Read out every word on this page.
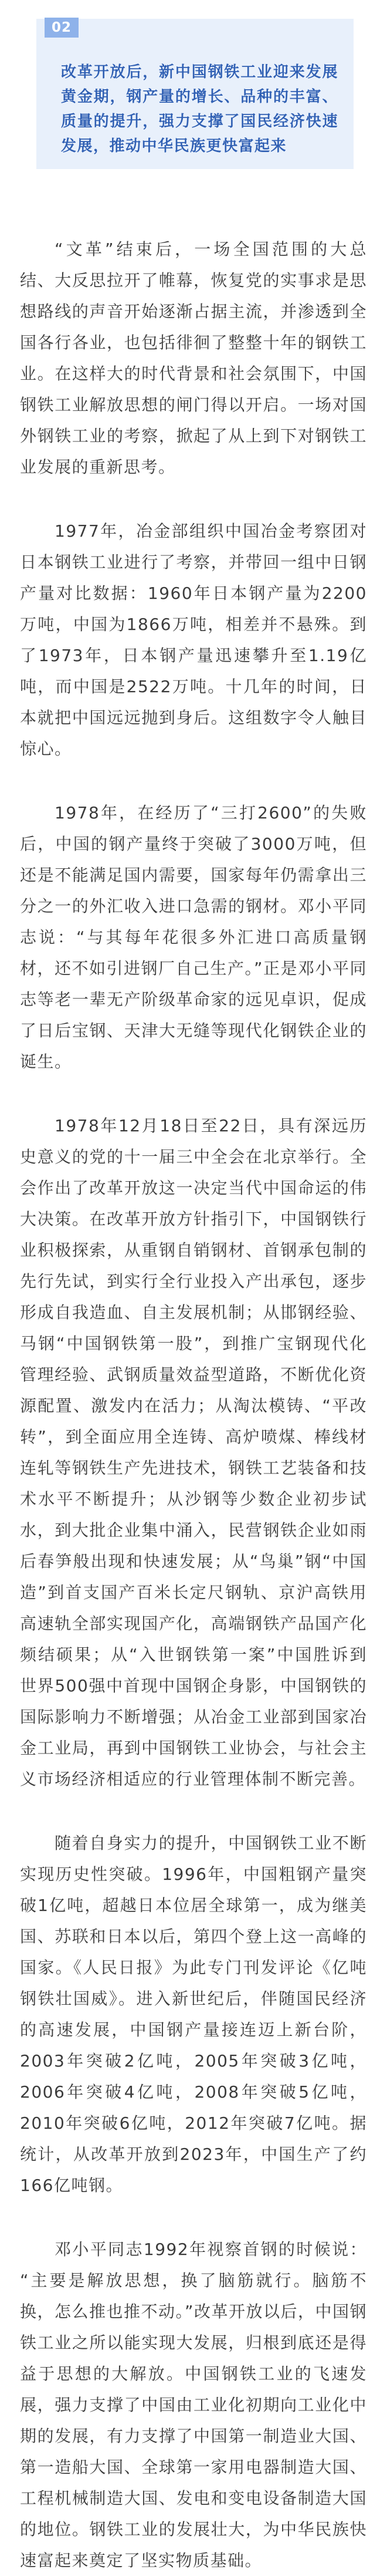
02

改革开放后，新中国钢铁工业迎来发展黄金期，钢产量的增长、品种的丰富、质量的提升，强力支撑了国民经济快速发展，推动中华民族更快富起来

“文革”结束后，一场全国范围的大总结、大反思拉开了帷幕，恢复党的实事求是思想路线的声音开始逐渐占据主流，并渗透到全国各行各业，也包括徘徊了整整十年的钢铁工业。在这样大的时代背景和社会氛围下，中国钢铁工业解放思想的闸门得以开启。一场对国外钢铁工业的考察，掀起了从上到下对钢铁工业发展的重新思考。

1977年，冶金部组织中国冶金考察团对日本钢铁工业进行了考察，并带回一组中日钢产量对比数据：1960年日本钢产量为2200万吨，中国为1866万吨，相差并不悬殊。到了1973年，日本钢产量迅速攀升至1.19亿吨，而中国是2522万吨。十几年的时间，日本就把中国远远抛到身后。这组数字令人触目惊心。

1978年，在经历了“三打2600”的失败后，中国的钢产量终于突破了3000万吨，但还是不能满足国内需要，国家每年仍需拿出三分之一的外汇收入进口急需的钢材。邓小平同志说：“与其每年花很多外汇进口高质量钢材，还不如引进钢厂自己生产。”正是邓小平同志等老一辈无产阶级革命家的远见卓识，促成了日后宝钢、天津大无缝等现代化钢铁企业的诞生。

1978年12月18日至22日，具有深远历史意义的党的十一届三中全会在北京举行。全会作出了改革开放这一决定当代中国命运的伟大决策。在改革开放方针指引下，中国钢铁行业积极探索，从重钢自销钢材、首钢承包制的先行先试，到实行全行业投入产出承包，逐步形成自我造血、自主发展机制；从邯钢经验、马钢“中国钢铁第一股”，到推广宝钢现代化管理经验、武钢质量效益型道路，不断优化资源配置、激发内在活力；从淘汰模铸、“平改转”，到全面应用全连铸、高炉喷煤、棒线材连轧等钢铁生产先进技术，钢铁工艺装备和技术水平不断提升；从沙钢等少数企业初步试水，到大批企业集中涌入，民营钢铁企业如雨后春笋般出现和快速发展；从“鸟巢”钢“中国造”到首支国产百米长定尺钢轨、京沪高铁用高速轨全部实现国产化，高端钢铁产品国产化频结硕果；从“入世钢铁第一案”中国胜诉到世界500强中首现中国钢企身影，中国钢铁的国际影响力不断增强；从冶金工业部到国家冶金工业局，再到中国钢铁工业协会，与社会主义市场经济相适应的行业管理体制不断完善。

随着自身实力的提升，中国钢铁工业不断实现历史性突破。1996年，中国粗钢产量突破1亿吨，超越日本位居全球第一，成为继美国、苏联和日本以后，第四个登上这一高峰的国家。《人民日报》为此专门刊发评论《亿吨钢铁壮国威》。进入新世纪后，伴随国民经济的高速发展，中国钢产量接连迈上新台阶，2003年突破2亿吨，2005年突破3亿吨，2006年突破4亿吨，2008年突破5亿吨，2010年突破6亿吨，2012年突破7亿吨。据统计，从改革开放到2023年，中国生产了约166亿吨钢。

邓小平同志1992年视察首钢的时候说：“主要是解放思想，换了脑筋就行。脑筋不换，怎么推也推不动。”改革开放以后，中国钢铁工业之所以能实现大发展，归根到底还是得益于思想的大解放。中国钢铁工业的飞速发展，强力支撑了中国由工业化初期向工业化中期的发展，有力支撑了中国第一制造业大国、第一造船大国、全球第一家用电器制造大国、工程机械制造大国、发电和变电设备制造大国的地位。钢铁工业的发展壮大，为中华民族快速富起来奠定了坚实物质基础。
